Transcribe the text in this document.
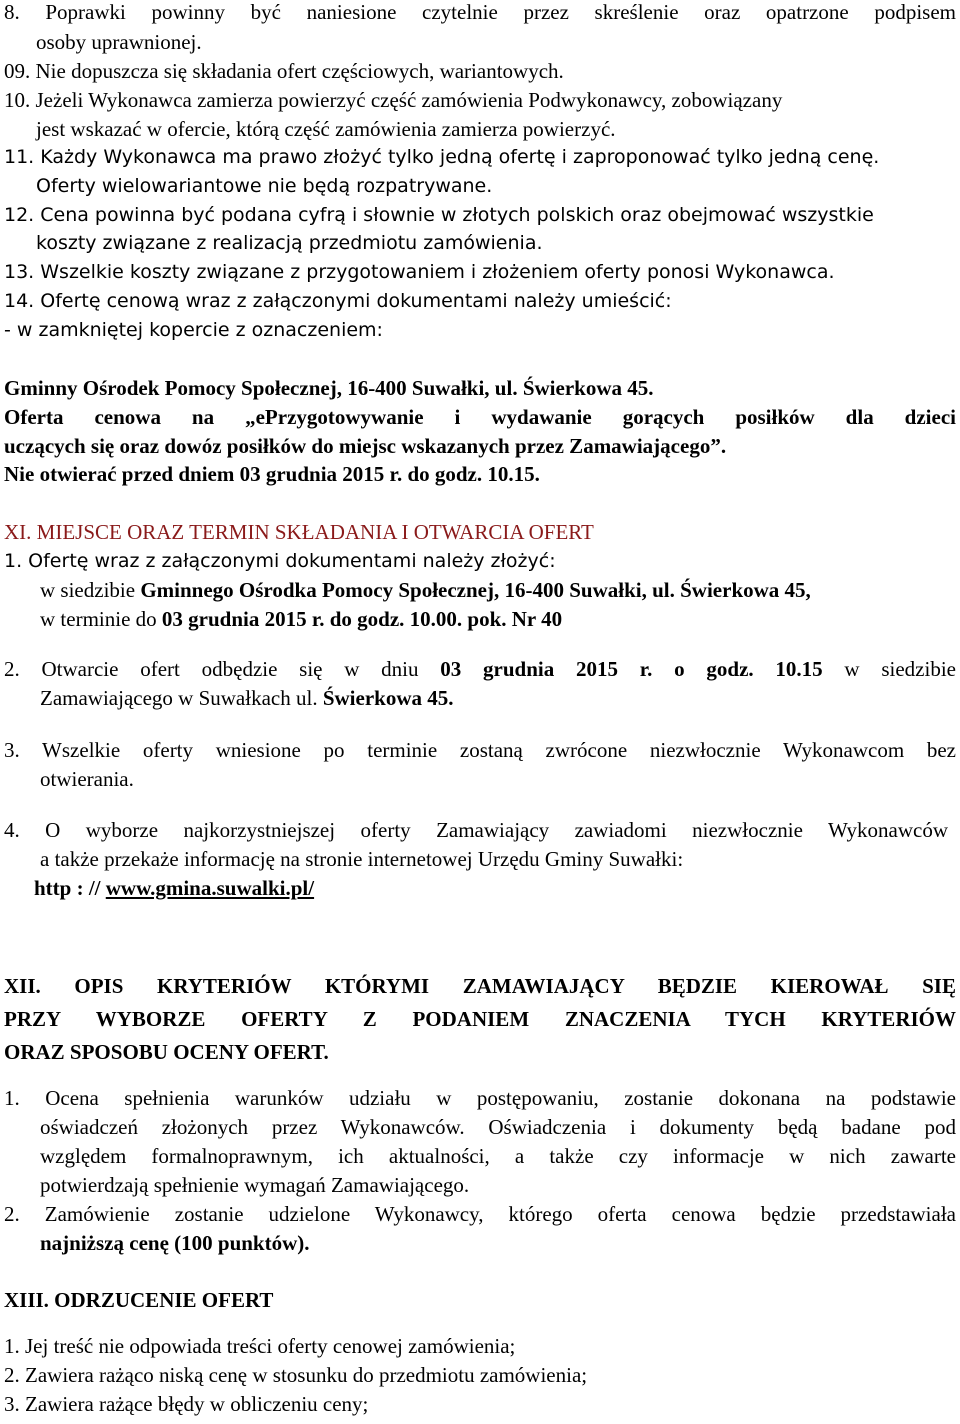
8. Poprawki powinny być naniesione czytelnie przez skreślenie oraz opatrzone podpisem
osoby uprawnionej.
09. Nie dopuszcza się składania ofert częściowych, wariantowych.
10. Jeżeli Wykonawca zamierza powierzyć część zamówienia Podwykonawcy, zobowiązany
jest wskazać w ofercie, którą część zamówienia zamierza powierzyć.
11. Każdy Wykonawca ma prawo złożyć tylko jedną ofertę i zaproponować tylko jedną cenę.
Oferty wielowariantowe nie będą rozpatrywane.
12. Cena powinna być podana cyfrą i słownie w złotych polskich oraz obejmować wszystkie
koszty związane z realizacją przedmiotu zamówienia.
13. Wszelkie koszty związane z przygotowaniem i złożeniem oferty ponosi Wykonawca.
14. Ofertę cenową wraz z załączonymi dokumentami należy umieścić:
- w zamkniętej kopercie z oznaczeniem:
Gminny Ośrodek Pomocy Społecznej, 16-400 Suwałki, ul. Świerkowa 45.
Oferta cenowa na „ePrzygotowywanie i wydawanie gorących posiłków dla dzieci
uczących się oraz dowóz posiłków do miejsc wskazanych przez Zamawiającego”.
Nie otwierać przed dniem 03 grudnia 2015 r. do godz. 10.15.
XI. MIEJSCE ORAZ TERMIN SKŁADANIA I OTWARCIA OFERT
1. Ofertę wraz z załączonymi dokumentami należy złożyć:
w siedzibie Gminnego Ośrodka Pomocy Społecznej, 16-400 Suwałki, ul. Świerkowa 45,
w terminie do 03 grudnia 2015 r. do godz. 10.00. pok. Nr 40
2. Otwarcie ofert odbędzie się w dniu 03 grudnia 2015 r. o godz. 10.15 w siedzibie
Zamawiającego w Suwałkach ul. Świerkowa 45.
3. Wszelkie oferty wniesione po terminie zostaną zwrócone niezwłocznie Wykonawcom bez
otwierania.
4. O wyborze najkorzystniejszej oferty Zamawiający zawiadomi niezwłocznie Wykonawców
a także przekaże informację na stronie internetowej Urzędu Gminy Suwałki:
http : // www.gmina.suwalki.pl/
XII. OPIS KRYTERIÓW KTÓRYMI ZAMAWIAJĄCY BĘDZIE KIEROWAŁ SIĘ
PRZY WYBORZE OFERTY Z PODANIEM ZNACZENIA TYCH KRYTERIÓW
ORAZ SPOSOBU OCENY OFERT.
1. Ocena spełnienia warunków udziału w postępowaniu, zostanie dokonana na podstawie
oświadczeń złożonych przez Wykonawców. Oświadczenia i dokumenty będą badane pod
względem formalnoprawnym, ich aktualności, a także czy informacje w nich zawarte
potwierdzają spełnienie wymagań Zamawiającego.
2. Zamówienie zostanie udzielone Wykonawcy, którego oferta cenowa będzie przedstawiała
najniższą cenę (100 punktów).
XIII. ODRZUCENIE OFERT
1. Jej treść nie odpowiada treści oferty cenowej zamówienia;
2. Zawiera rażąco niską cenę w stosunku do przedmiotu zamówienia;
3. Zawiera rażące błędy w obliczeniu ceny;
